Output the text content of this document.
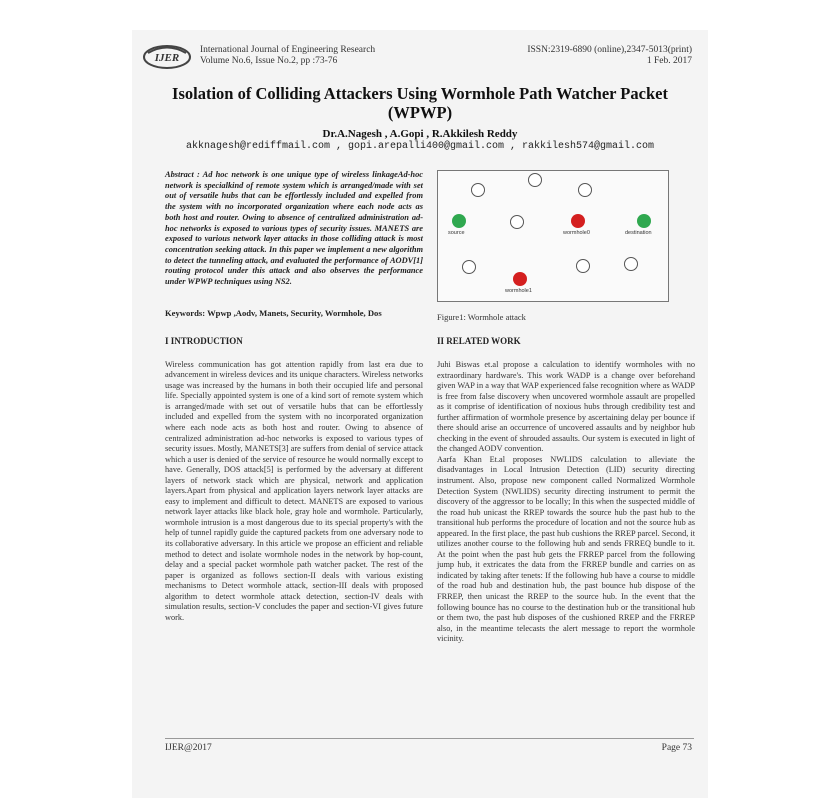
IJER
International Journal of Engineering Research
Volume No.6, Issue No.2, pp :73-76
ISSN:2319-6890 (online),2347-5013(print)
1 Feb. 2017
Isolation of Colliding Attackers Using Wormhole Path Watcher Packet (WPWP)
Dr.A.Nagesh , A.Gopi , R.Akkilesh Reddy
akknagesh@rediffmail.com , gopi.arepalli400@gmail.com , rakkilesh574@gmail.com
Abstract : Ad hoc network is one unique type of wireless linkageAd-hoc network is specialkind of remote system which is arranged/made with set out of versatile hubs that can be effortlessly included and expelled from the system with no incorporated organization where each node acts as both host and router. Owing to absence of centralized administration ad-hoc networks is exposed to various types of security issues. MANETS are exposed to various network layer attacks in those colliding attack is most concentration seeking attack. In this paper we implement a new algorithm to detect the tunneling attack, and evaluated the performance of AODV[1] routing protocol under this attack and also observes the performance under WPWP techniques using NS2.
Keywords: Wpwp ,Aodv, Manets, Security, Wormhole, Dos
I INTRODUCTION
Wireless communication has got attention rapidly from last era due to advancement in wireless devices and its unique characters. Wireless networks usage was increased by the humans in both their occupied life and personal life. Specially appointed system is one of a kind sort of remote system which is arranged/made with set out of versatile hubs that can be effortlessly included and expelled from the system with no incorporated organization where each node acts as both host and router. Owing to absence of centralized administration ad-hoc networks is exposed to various types of security issues. Mostly, MANETS[3] are suffers from denial of service attack which a user is denied of the service of resource he would normally except to have. Generally, DOS attack[5] is performed by the adversary at different layers of network stack which are physical, network and application layers.Apart from physical and application layers network layer attacks are easy to implement and difficult to detect. MANETS are exposed to various network layer attacks like black hole, gray hole and wormhole. Particularly, wormhole intrusion is a most dangerous due to its special property's with the help of tunnel rapidly guide the captured packets from one adversary node to its collaborative adversary. In this article we propose an efficient and reliable method to detect and isolate wormhole nodes in the network by hop-count, delay and a special packet wormhole path watcher packet. The rest of the paper is organized as follows section-II deals with various existing mechanisms to Detect wormhole attack, section-III deals with proposed algorithm to detect wormhole attack detection, section-IV deals with simulation results, section-V concludes the paper and section-VI gives future work.
source	wormhole0	destination
wormhole1
Figure1: Wormhole attack
II RELATED WORK
Juhi Biswas et.al propose a calculation to identify wormholes with no extraordinary hardware's. This work WADP is a change over beforehand given WAP in a way that WAP experienced false recognition where as WADP is free from false discovery when uncovered wormhole assault are propelled as it comprise of identification of noxious hubs through credibility test and further affirmation of wormhole presence by ascertaining delay per bounce if there should arise an occurrence of uncovered assaults and by neighbor hub checking in the event of shrouded assaults. Our system is executed in light of the changed AODV convention.
Aarfa Khan Et.al proposes NWLIDS calculation to alleviate the disadvantages in Local Intrusion Detection (LID) security directing instrument. Also, propose new component called Normalized Wormhole Detection System (NWLIDS) security directing instrument to permit the discovery of the aggressor to be locally; In this when the suspected middle of the road hub unicast the RREP towards the source hub the past hub to the transitional hub performs the procedure of location and not the source hub as appeared. In the first place, the past hub cushions the RREP parcel. Second, it utilizes another course to the following hub and sends FRREQ bundle to it. At the point when the past hub gets the FRREP parcel from the following jump hub, it extricates the data from the FRREP bundle and carries on as indicated by taking after tenets: If the following hub have a course to middle of the road hub and destination hub, the past bounce hub dispose of the FRREP, then unicast the RREP to the source hub. In the event that the following bounce has no course to the destination hub or the transitional hub or them two, the past hub disposes of the cushioned RREP and the FRREP also, in the meantime telecasts the alert message to report the wormhole vicinity.
IJER@2017	Page 73
